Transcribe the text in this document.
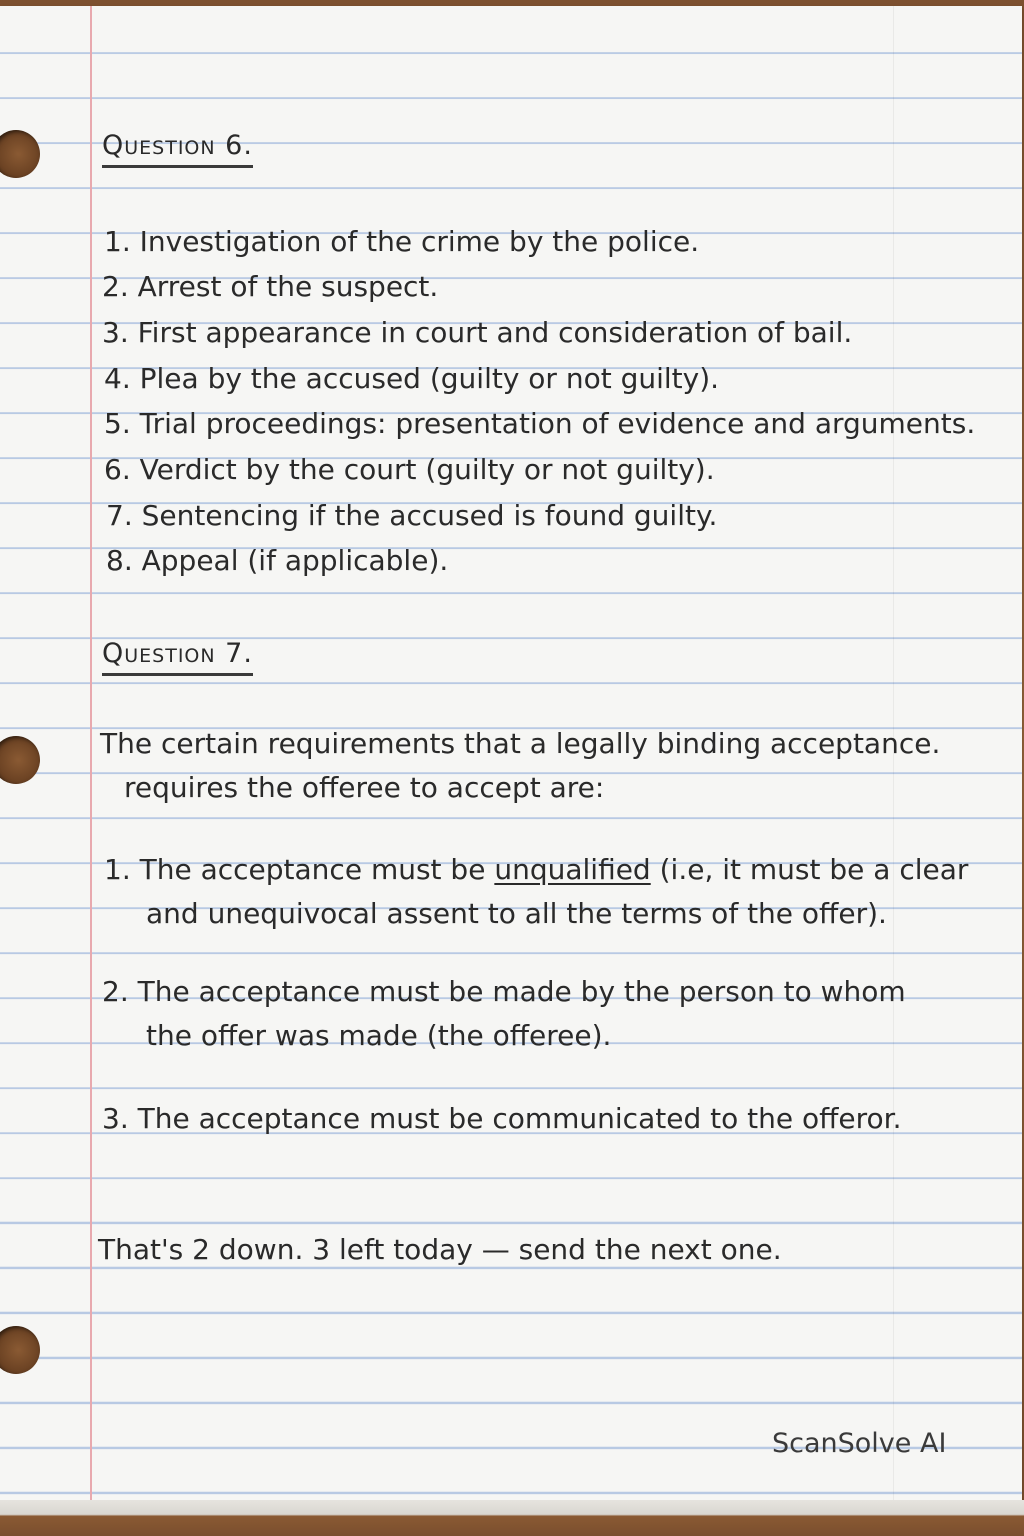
Question 6.
1. Investigation of the crime by the police.
2. Arrest of the suspect.
3. First appearance in court and consideration of bail.
4. Plea by the accused (guilty or not guilty).
5. Trial proceedings: presentation of evidence and arguments.
6. Verdict by the court (guilty or not guilty).
7. Sentencing if the accused is found guilty.
8. Appeal (if applicable).
Question 7.
The certain requirements that a legally binding acceptance.
requires the offeree to accept are:
1. The acceptance must be unqualified (i.e, it must be a clear
and unequivocal assent to all the terms of the offer).
2. The acceptance must be made by the person to whom
the offer was made (the offeree).
3. The acceptance must be communicated to the offeror.
That's 2 down. 3 left today — send the next one.
ScanSolve AI
